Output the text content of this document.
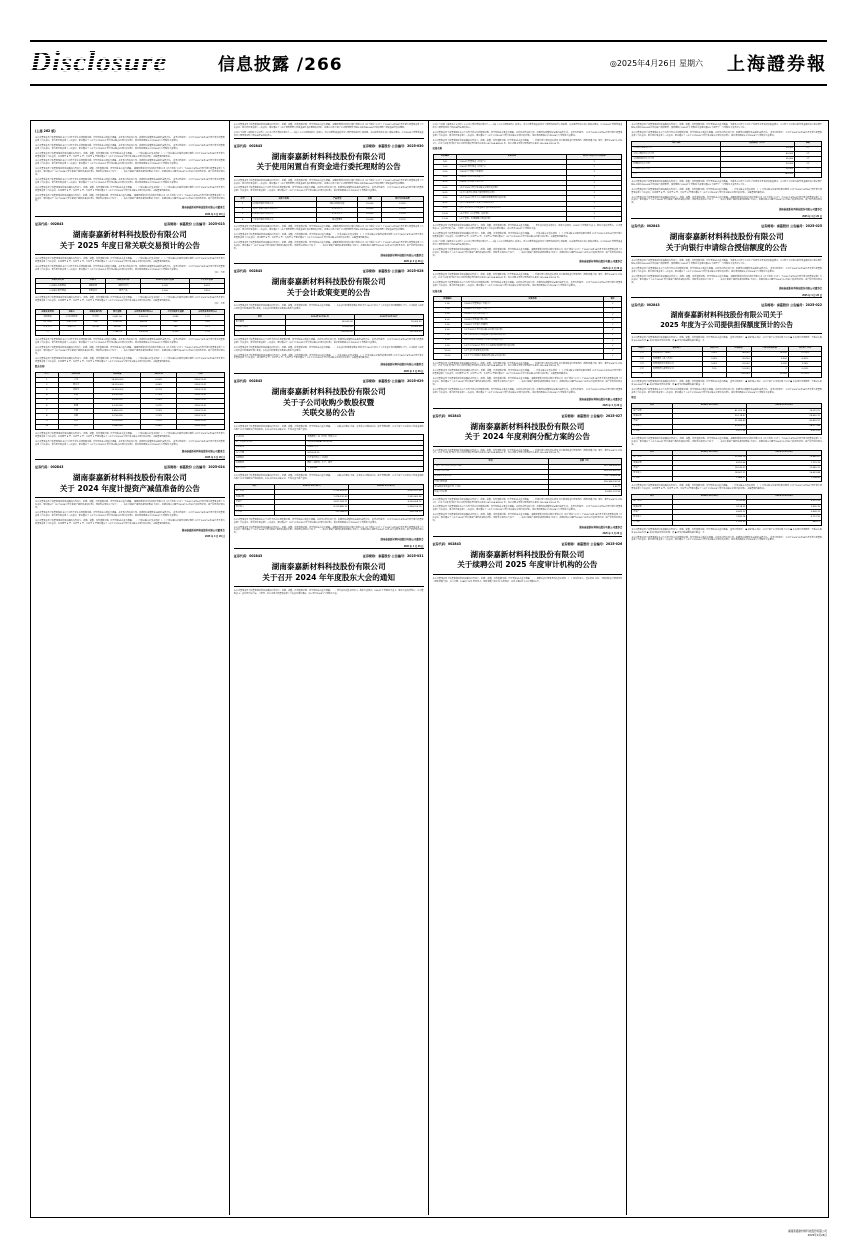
Disclosure	信息披露 /266	◎2025年4月26日 星期六 上海證券報
(上接 262 版)
本公司董事会及全体董事保证本公告内容不存在任何虚假记载、误导性陈述或者重大遗漏，并对其内容的真实性、准确性和完整性依法承担法律责任。 重要内容提示： 公司于2025年4月24日召开第五届董事会第十六次会议、第五届监事会第十二次会议，审议通过了《关于公司2025年度日常关联交易预计的议案》，该议案尚需提交公司2024年年度股东大会审议。
本公司董事会及全体董事保证本公告内容不存在任何虚假记载、误导性陈述或者重大遗漏，并对其内容的真实性、准确性和完整性依法承担法律责任。 重要内容提示： 公司于2025年4月24日召开第五届董事会第十六次会议、第五届监事会第十二次会议，审议通过了《关于公司2025年度日常关联交易预计的议案》，该议案尚需提交公司2024年年度股东大会审议。
本公司董事会及全体董事保证信息披露的内容真实、准确、完整，没有虚假记载、误导性陈述或重大遗漏。 一、日常关联交易基本情况 （一）日常关联交易履行的审议程序 公司于2025年4月24日召开第五届董事会第十六次会议，以同意票 8 票、反对票 0 票、弃权票 0 票审议通过了《关于公司2025年度日常关联交易预计的议案》，关联董事回避表决。
本公司董事会及全体董事保证本公告内容不存在任何虚假记载、误导性陈述或者重大遗漏，并对其内容的真实性、准确性和完整性依法承担法律责任。 重要内容提示： 公司于2025年4月24日召开第五届董事会第十六次会议、第五届监事会第十二次会议，审议通过了《关于公司2025年度日常关联交易预计的议案》，该议案尚需提交公司2024年年度股东大会审议。
本公司董事会及全体董事保证信息披露的内容真实、准确、完整，没有虚假记载、误导性陈述或重大遗漏。 湖南泰嘉新材料科技股份有限公司（以下简称“公司”）于2025年4月24日召开第五届董事会第十六次会议，审议通过了《关于2024年度计提资产减值准备的议案》，现将有关情况公告如下： 一、本次计提资产减值准备情况概述 为真实、准确反映公司截至2024年12月31日的财务状况、资产价值及经营成果。
本公司董事会及全体董事保证本公告内容不存在任何虚假记载、误导性陈述或者重大遗漏，并对其内容的真实性、准确性和完整性依法承担法律责任。 重要内容提示： 公司于2025年4月24日召开第五届董事会第十六次会议、第五届监事会第十二次会议，审议通过了《关于公司2025年度日常关联交易预计的议案》，该议案尚需提交公司2024年年度股东大会审议。
本公司董事会及全体董事保证信息披露的内容真实、准确、完整，没有虚假记载、误导性陈述或重大遗漏。 一、日常关联交易基本情况 （一）日常关联交易履行的审议程序 公司于2025年4月24日召开第五届董事会第十六次会议，以同意票 8 票、反对票 0 票、弃权票 0 票审议通过了《关于公司2025年度日常关联交易预计的议案》，关联董事回避表决。
本公司董事会及全体董事保证信息披露的内容真实、准确、完整，没有虚假记载、误导性陈述或重大遗漏。 湖南泰嘉新材料科技股份有限公司（以下简称“公司”）于2025年4月24日召开第五届董事会第十六次会议，审议通过了《关于2024年度计提资产减值准备的议案》，现将有关情况公告如下： 一、本次计提资产减值准备情况概述 为真实、准确反映公司截至2024年12月31日的财务状况、资产价值及经营成果。
湖南泰嘉新材料科技股份有限公司董事会
2025 年 4 月 26 日
证券代码：002843	证券简称：泰嘉股份 公告编号：2025-023
湖南泰嘉新材料科技股份有限公司
关于 2025 年度日常关联交易预计的公告
本公司董事会及全体董事保证信息披露的内容真实、准确、完整，没有虚假记载、误导性陈述或重大遗漏。 一、日常关联交易基本情况 （一）日常关联交易履行的审议程序 公司于2025年4月24日召开第五届董事会第十六次会议，以同意票 8 票、反对票 0 票、弃权票 0 票审议通过了《关于公司2025年度日常关联交易预计的议案》，关联董事回避表决。
本公司董事会及全体董事保证本公告内容不存在任何虚假记载、误导性陈述或者重大遗漏，并对其内容的真实性、准确性和完整性依法承担法律责任。 重要内容提示： 公司于2025年4月24日召开第五届董事会第十六次会议、第五届监事会第十二次会议，审议通过了《关于公司2025年度日常关联交易预计的议案》，该议案尚需提交公司2024年年度股东大会审议。
单位：万元
关联交易类别	关联人	关联交易内容	2025年度预计金额	上年发生金额
向关联人采购商品	湖南泰嘉	采购原材料	5,000	3,614
向关联人销售商品	泰嘉新材	销售产品	3,000	1,874
本公司董事会及全体董事保证信息披露的内容真实、准确、完整，没有虚假记载、误导性陈述或重大遗漏。 一、日常关联交易基本情况 （一）日常关联交易履行的审议程序 公司于2025年4月24日召开第五届董事会第十六次会议，以同意票 8 票、反对票 0 票、弃权票 0 票审议通过了《关于公司2025年度日常关联交易预计的议案》，关联董事回避表决。
单位：万元
关联交易类别	关联人	关联交易内容	预计金额	占同类业务比例(%)	上年实际发生金额	占同类业务比例(%)
采购商品	公司控股股东	原材料	5,851.56	2,350.00	3,085	1.22
销售商品	关联自然人	成品	1,200.00	560.00	820	0.45
接受劳务	关联公司	服务费	300.00	120.00	195	0.11
合计			7,746.78	3,030.00	4,100	1.78
本公司董事会及全体董事保证本公告内容不存在任何虚假记载、误导性陈述或者重大遗漏，并对其内容的真实性、准确性和完整性依法承担法律责任。 重要内容提示： 公司于2025年4月24日召开第五届董事会第十六次会议、第五届监事会第十二次会议，审议通过了《关于公司2025年度日常关联交易预计的议案》，该议案尚需提交公司2024年年度股东大会审议。
本公司董事会及全体董事保证信息披露的内容真实、准确、完整，没有虚假记载、误导性陈述或重大遗漏。 湖南泰嘉新材料科技股份有限公司（以下简称“公司”）于2025年4月24日召开第五届董事会第十六次会议，审议通过了《关于2024年度计提资产减值准备的议案》，现将有关情况公告如下： 一、本次计提资产减值准备情况概述 为真实、准确反映公司截至2024年12月31日的财务状况、资产价值及经营成果。
本公司董事会及全体董事保证信息披露的内容真实、准确、完整，没有虚假记载、误导性陈述或重大遗漏。 一、日常关联交易基本情况 （一）日常关联交易履行的审议程序 公司于2025年4月24日召开第五届董事会第十六次会议，以同意票 8 票、反对票 0 票、弃权票 0 票审议通过了《关于公司2025年度日常关联交易预计的议案》，关联董事回避表决。
股东名称
序号	股东名称	持股数量	持股比例	日期
1	方众	18,530,000	6.05%	2024-12-31
2	谭伟光	14,210,000	4.64%	2024-12-31
3	刘国华	10,020,000	3.27%	2024-12-31
4	张丽	8,550,000	2.79%	2024-12-31
5	王明	6,300,000	2.06%	2024-12-31
6	陈晓	5,120,000	1.67%	2024-12-31
7	李强	4,860,000	1.59%	2024-12-31
8	赵敏	3,750,000	1.22%	2024-12-31
9	孙涛	3,100,000	1.01%	2024-12-31
10	周平	2,940,000	0.96%	2024-12-31
本公司董事会及全体董事保证信息披露的内容真实、准确、完整，没有虚假记载、误导性陈述或重大遗漏。 一、日常关联交易基本情况 （一）日常关联交易履行的审议程序 公司于2025年4月24日召开第五届董事会第十六次会议，以同意票 8 票、反对票 0 票、弃权票 0 票审议通过了《关于公司2025年度日常关联交易预计的议案》，关联董事回避表决。
本公司董事会及全体董事保证本公告内容不存在任何虚假记载、误导性陈述或者重大遗漏，并对其内容的真实性、准确性和完整性依法承担法律责任。 重要内容提示： 公司于2025年4月24日召开第五届董事会第十六次会议、第五届监事会第十二次会议，审议通过了《关于公司2025年度日常关联交易预计的议案》，该议案尚需提交公司2024年年度股东大会审议。
湖南泰嘉新材料科技股份有限公司董事会
2025 年 4 月 26 日
证券代码：002843	证券简称：泰嘉股份 公告编号：2025-024
湖南泰嘉新材料科技股份有限公司
关于 2024 年度计提资产减值准备的公告
本公司董事会及全体董事保证信息披露的内容真实、准确、完整，没有虚假记载、误导性陈述或重大遗漏。 湖南泰嘉新材料科技股份有限公司（以下简称“公司”）于2025年4月24日召开第五届董事会第十六次会议，审议通过了《关于2024年度计提资产减值准备的议案》，现将有关情况公告如下： 一、本次计提资产减值准备情况概述 为真实、准确反映公司截至2024年12月31日的财务状况、资产价值及经营成果。
本公司董事会及全体董事保证本公告内容不存在任何虚假记载、误导性陈述或者重大遗漏，并对其内容的真实性、准确性和完整性依法承担法律责任。 重要内容提示： 公司于2025年4月24日召开第五届董事会第十六次会议、第五届监事会第十二次会议，审议通过了《关于公司2025年度日常关联交易预计的议案》，该议案尚需提交公司2024年年度股东大会审议。
本公司董事会及全体董事保证信息披露的内容真实、准确、完整，没有虚假记载、误导性陈述或重大遗漏。 一、日常关联交易基本情况 （一）日常关联交易履行的审议程序 公司于2025年4月24日召开第五届董事会第十六次会议，以同意票 8 票、反对票 0 票、弃权票 0 票审议通过了《关于公司2025年度日常关联交易预计的议案》，关联董事回避表决。
湖南泰嘉新材料科技股份有限公司董事会
2025 年 4 月 26 日
本公司董事会及全体董事保证信息披露的内容真实、准确、完整，没有虚假记载、误导性陈述或重大遗漏。 湖南泰嘉新材料科技股份有限公司（以下简称“公司”）于2025年4月24日召开第五届董事会第十六次会议、第五届监事会第十二次会议，审议通过了《关于使用闲置自有资金进行委托理财的议案》，同意公司及全资子公司使用额度不超过人民币40,000万元的闲置自有资金进行委托理财。
公司应当按照《深圳证券交易所上市公司自律监管指引第1号——主板上市公司规范运作》的规定，对公司募集资金的存放与使用情况进行专项说明，并由保荐机构出具专项核查意见。公司2024年度募集资金存放与使用情况符合相关法律法规的规定。
证券代码：002843	证券简称：泰嘉股份 公告编号：2025-030
湖南泰嘉新材料科技股份有限公司
关于使用闲置自有资金进行委托理财的公告
本公司董事会及全体董事保证信息披露的内容真实、准确、完整，没有虚假记载、误导性陈述或重大遗漏。 湖南泰嘉新材料科技股份有限公司（以下简称“公司”）于2025年4月24日召开第五届董事会第十六次会议、第五届监事会第十二次会议，审议通过了《关于使用闲置自有资金进行委托理财的议案》，同意公司及全资子公司使用额度不超过人民币40,000万元的闲置自有资金进行委托理财。
本公司董事会及全体董事保证本公告内容不存在任何虚假记载、误导性陈述或者重大遗漏，并对其内容的真实性、准确性和完整性依法承担法律责任。 重要内容提示： 公司于2025年4月24日召开第五届董事会第十六次会议、第五届监事会第十二次会议，审议通过了《关于公司2025年度日常关联交易预计的议案》，该议案尚需提交公司2024年年度股东大会审议。
序号	受托方名称	产品类型	金额	预计年化收益率
1	中国银行股份有限公司	保本浮动收益型	10,000	2.30%
2	中国工商银行股份有限公司	结构性存款	10,000	2.15%
3	招商银行股份有限公司	结构性存款	10,000	2.25%
4	兴业银行股份有限公司	保本型理财	10,000	2.10%
本公司董事会及全体董事保证信息披露的内容真实、准确、完整，没有虚假记载、误导性陈述或重大遗漏。 湖南泰嘉新材料科技股份有限公司（以下简称“公司”）于2025年4月24日召开第五届董事会第十六次会议、第五届监事会第十二次会议，审议通过了《关于使用闲置自有资金进行委托理财的议案》，同意公司及全资子公司使用额度不超过人民币40,000万元的闲置自有资金进行委托理财。
本公司董事会及全体董事保证信息披露的内容真实、准确、完整，没有虚假记载、误导性陈述或重大遗漏。 一、日常关联交易基本情况 （一）日常关联交易履行的审议程序 公司于2025年4月24日召开第五届董事会第十六次会议，以同意票 8 票、反对票 0 票、弃权票 0 票审议通过了《关于公司2025年度日常关联交易预计的议案》，关联董事回避表决。
本公司董事会及全体董事保证信息披露的内容真实、准确、完整，没有虚假记载、误导性陈述或重大遗漏。 湖南泰嘉新材料科技股份有限公司（以下简称“公司”）于2025年4月24日召开第五届董事会第十六次会议，审议通过了《关于2024年度计提资产减值准备的议案》，现将有关情况公告如下： 一、本次计提资产减值准备情况概述 为真实、准确反映公司截至2024年12月31日的财务状况、资产价值及经营成果。
湖南泰嘉新材料科技股份有限公司董事会
2025 年 4 月 26 日
证券代码：002843	证券简称：泰嘉股份 公告编号：2025-028
湖南泰嘉新材料科技股份有限公司
关于会计政策变更的公告
本公司董事会及全体董事保证信息披露的内容真实、准确、完整，没有虚假记载、误导性陈述或重大遗漏。 一、本次会计政策变更概述 财政部于2023年发布了《企业会计准则解释第17号》，公司根据上述规定对原会计政策进行相应变更。本次会计政策变更无需提交股东大会审议。
项目	2024年12月31日	2023年12月31日
审计费用	80,000.00	76,000.00
内控审计费用	25,000.00	25,000.00
合计	105,000.00	101,000.00
本公司董事会及全体董事保证本公告内容不存在任何虚假记载、误导性陈述或者重大遗漏，并对其内容的真实性、准确性和完整性依法承担法律责任。 重要内容提示： 公司于2025年4月24日召开第五届董事会第十六次会议、第五届监事会第十二次会议，审议通过了《关于公司2025年度日常关联交易预计的议案》，该议案尚需提交公司2024年年度股东大会审议。
本公司董事会及全体董事保证信息披露的内容真实、准确、完整，没有虚假记载、误导性陈述或重大遗漏。 一、本次会计政策变更概述 财政部于2023年发布了《企业会计准则解释第17号》，公司根据上述规定对原会计政策进行相应变更。本次会计政策变更无需提交股东大会审议。
本公司董事会及全体董事保证信息披露的内容真实、准确、完整，没有虚假记载、误导性陈述或重大遗漏。 一、日常关联交易基本情况 （一）日常关联交易履行的审议程序 公司于2025年4月24日召开第五届董事会第十六次会议，以同意票 8 票、反对票 0 票、弃权票 0 票审议通过了《关于公司2025年度日常关联交易预计的议案》，关联董事回避表决。
湖南泰嘉新材料科技股份有限公司董事会
2025 年 4 月 26 日
证券代码：002843	证券简称：泰嘉股份 公告编号：2025-029
湖南泰嘉新材料科技股份有限公司
关于子公司收购少数股权暨
关联交易的公告
本公司董事会及全体董事保证信息披露的内容真实、准确、完整，没有虚假记载、误导性陈述或重大遗漏。 一、关联交易概述 为进一步优化公司股权结构，提升管理效率，公司全资子公司拟以自有资金收购控股子公司少数股东持有的股权。本次交易构成关联交易，不构成重大资产重组。
公司名称	泰嘉精密工具（苏州）有限公司
统一社会信用代码	91320594MA1XXXXXXX
注册资本	5,000 万元
成立日期	2018-06-15
注册地址	江苏省苏州市工业园区
经营范围	精密工具研发、生产、销售
法定代表人	方 junnan
本公司董事会及全体董事保证信息披露的内容真实、准确、完整，没有虚假记载、误导性陈述或重大遗漏。 一、关联交易概述 为进一步优化公司股权结构，提升管理效率，公司全资子公司拟以自有资金收购控股子公司少数股东持有的股权。本次交易构成关联交易，不构成重大资产重组。
项目	2023年12月31日	2024年12月31日
资产总额	5,195,489.61	6,552,411.08
负债总额	1,378,220.40	2,301,802.36
净资产	3,817,269.21	4,250,608.72
营业收入	4,122,880.33	5,338,106.14
净利润	312,088.00	536,338.00
本公司董事会及全体董事保证本公告内容不存在任何虚假记载、误导性陈述或者重大遗漏，并对其内容的真实性、准确性和完整性依法承担法律责任。 重要内容提示： 公司于2025年4月24日召开第五届董事会第十六次会议、第五届监事会第十二次会议，审议通过了《关于公司2025年度日常关联交易预计的议案》，该议案尚需提交公司2024年年度股东大会审议。
本公司董事会及全体董事保证信息披露的内容真实、准确、完整，没有虚假记载、误导性陈述或重大遗漏。 湖南泰嘉新材料科技股份有限公司（以下简称“公司”）于2025年4月24日召开第五届董事会第十六次会议，审议通过了《关于2024年度计提资产减值准备的议案》，现将有关情况公告如下： 一、本次计提资产减值准备情况概述 为真实、准确反映公司截至2024年12月31日的财务状况、资产价值及经营成果。
湖南泰嘉新材料科技股份有限公司董事会
2025 年 4 月 26 日
证券代码：002843	证券简称：泰嘉股份 公告编号：2025-031
湖南泰嘉新材料科技股份有限公司
关于召开 2024 年年度股东大会的通知
本公司董事会及全体董事保证信息披露的内容真实、准确、完整，没有虚假记载、误导性陈述或重大遗漏。 一、召开会议的基本情况 1、股东大会届次：2024年年度股东大会 2、股东大会的召集人：公司董事会 3、会议召开的合法、合规性：经公司第五届董事会第十六次会议审议通过，决定召开2024年年度股东大会。
公司应当按照《深圳证券交易所上市公司自律监管指引第1号——主板上市公司规范运作》的规定，对公司募集资金的存放与使用情况进行专项说明，并由保荐机构出具专项核查意见。公司2024年度募集资金存放与使用情况符合相关法律法规的规定。
本公司董事会及全体董事保证本公告内容不存在任何虚假记载、误导性陈述或者重大遗漏，并对其内容的真实性、准确性和完整性依法承担法律责任。 重要内容提示： 公司于2025年4月24日召开第五届董事会第十六次会议、第五届监事会第十二次会议，审议通过了《关于公司2025年度日常关联交易预计的议案》，该议案尚需提交公司2024年年度股东大会审议。
本公司董事会及全体董事保证信息披露的内容真实、准确、完整，没有虚假记载、误导性陈述或重大遗漏。 一、利润分配方案的基本情况 经天职国际会计师事务所（特殊普通合伙）审计，截至2024年12月31日，公司合并报表归属于母公司所有者的净利润为人民币 267,168,838.62 元，母公司期末可供分配利润为人民币 205,366,130.55 元。
议案名称
议案编码	议案名称	该列打勾的栏目可以投票
100	《2024年度董事会工作报告》	√
1.00	《2024年度监事会工作报告》	√
2.00	《2024年年度报告及摘要》	√
3.00	《2024年度财务决算报告》	√
4.00	《2024年度利润分配方案》	√
5.00	《关于2025年度日常关联交易预计的议案》	√
6.00	《关于向银行申请综合授信额度的议案》	√
7.00	《关于2025年度为子公司提供担保额度预计的议案》	√
8.00	《关于续聘2025年度审计机构的议案》	√
9.00	《关于使用闲置自有资金进行委托理财的议案》	√
10.00	《关于修订〈公司章程〉的议案》	√
11.00	《关于董事、监事薪酬方案的议案》	√
本公司董事会及全体董事保证信息披露的内容真实、准确、完整，没有虚假记载、误导性陈述或重大遗漏。 一、召开会议的基本情况 1、股东大会届次：2024年年度股东大会 2、股东大会的召集人：公司董事会 3、会议召开的合法、合规性：经公司第五届董事会第十六次会议审议通过，决定召开2024年年度股东大会。
本公司董事会及全体董事保证信息披露的内容真实、准确、完整，没有虚假记载、误导性陈述或重大遗漏。 一、日常关联交易基本情况 （一）日常关联交易履行的审议程序 公司于2025年4月24日召开第五届董事会第十六次会议，以同意票 8 票、反对票 0 票、弃权票 0 票审议通过了《关于公司2025年度日常关联交易预计的议案》，关联董事回避表决。
公司应当按照《深圳证券交易所上市公司自律监管指引第1号——主板上市公司规范运作》的规定，对公司募集资金的存放与使用情况进行专项说明，并由保荐机构出具专项核查意见。公司2024年度募集资金存放与使用情况符合相关法律法规的规定。
本公司董事会及全体董事保证信息披露的内容真实、准确、完整，没有虚假记载、误导性陈述或重大遗漏。 湖南泰嘉新材料科技股份有限公司（以下简称“公司”）于2025年4月24日召开第五届董事会第十六次会议，审议通过了《关于2024年度计提资产减值准备的议案》，现将有关情况公告如下： 一、本次计提资产减值准备情况概述 为真实、准确反映公司截至2024年12月31日的财务状况、资产价值及经营成果。
湖南泰嘉新材料科技股份有限公司董事会
2025 年 4 月 26 日
本公司董事会及全体董事保证信息披露的内容真实、准确、完整，没有虚假记载、误导性陈述或重大遗漏。 一、利润分配方案的基本情况 经天职国际会计师事务所（特殊普通合伙）审计，截至2024年12月31日，公司合并报表归属于母公司所有者的净利润为人民币 267,168,838.62 元，母公司期末可供分配利润为人民币 205,366,130.55 元。
本公司董事会及全体董事保证本公告内容不存在任何虚假记载、误导性陈述或者重大遗漏，并对其内容的真实性、准确性和完整性依法承担法律责任。 重要内容提示： 公司于2025年4月24日召开第五届董事会第十六次会议、第五届监事会第十二次会议，审议通过了《关于公司2025年度日常关联交易预计的议案》，该议案尚需提交公司2024年年度股东大会审议。
议案名称
议案编码	议案名称	备注
1.00	《2024年度董事会工作报告》	√
2.00	《2024年度监事会工作报告》	√
3.00	《2024年度财务决算报告》	√
4.00	《2024年度利润分配方案》	√
5.00	《2024年年度报告及摘要》	√
6.00	《关于2025年度日常关联交易预计的议案》	√
7.00	《关于使用闲置自有资金进行委托理财的议案》	√
8.00	《关于续聘公司2025年度审计机构的议案》	√
9.00	《关于公司2025年度为子公司提供担保额度预计的议案》	√
10.00	《关于会计政策变更的议案》	√
11.00	《关于子公司收购少数股权暨关联交易的议案》	√
本公司董事会及全体董事保证信息披露的内容真实、准确、完整，没有虚假记载、误导性陈述或重大遗漏。 一、利润分配方案的基本情况 经天职国际会计师事务所（特殊普通合伙）审计，截至2024年12月31日，公司合并报表归属于母公司所有者的净利润为人民币 267,168,838.62 元，母公司期末可供分配利润为人民币 205,366,130.55 元。
本公司董事会及全体董事保证信息披露的内容真实、准确、完整，没有虚假记载、误导性陈述或重大遗漏。 一、日常关联交易基本情况 （一）日常关联交易履行的审议程序 公司于2025年4月24日召开第五届董事会第十六次会议，以同意票 8 票、反对票 0 票、弃权票 0 票审议通过了《关于公司2025年度日常关联交易预计的议案》，关联董事回避表决。
本公司董事会及全体董事保证信息披露的内容真实、准确、完整，没有虚假记载、误导性陈述或重大遗漏。 湖南泰嘉新材料科技股份有限公司（以下简称“公司”）于2025年4月24日召开第五届董事会第十六次会议，审议通过了《关于2024年度计提资产减值准备的议案》，现将有关情况公告如下： 一、本次计提资产减值准备情况概述 为真实、准确反映公司截至2024年12月31日的财务状况、资产价值及经营成果。
本公司董事会及全体董事保证本公告内容不存在任何虚假记载、误导性陈述或者重大遗漏，并对其内容的真实性、准确性和完整性依法承担法律责任。 重要内容提示： 公司于2025年4月24日召开第五届董事会第十六次会议、第五届监事会第十二次会议，审议通过了《关于公司2025年度日常关联交易预计的议案》，该议案尚需提交公司2024年年度股东大会审议。
湖南泰嘉新材料科技股份有限公司董事会
2025 年 4 月 26 日
证券代码：002843	证券简称：泰嘉股份 公告编号：2025-027
湖南泰嘉新材料科技股份有限公司
关于 2024 年度利润分配方案的公告
本公司董事会及全体董事保证信息披露的内容真实、准确、完整，没有虚假记载、误导性陈述或重大遗漏。 一、利润分配方案的基本情况 经天职国际会计师事务所（特殊普通合伙）审计，截至2024年12月31日，公司合并报表归属于母公司所有者的净利润为人民币 267,168,838.62 元，母公司期末可供分配利润为人民币 205,366,130.55 元。
项目	金额（元）
归属于母公司所有者的净利润	267,168,838.62
年初未分配利润	536,205,430.62
提取法定盈余公积	-26,716,883.86
可供分配利润	205,366,130.55
每10股派发现金红利（含税）	3.00 元
现金分红总额	91,801,701.90
本公司董事会及全体董事保证信息披露的内容真实、准确、完整，没有虚假记载、误导性陈述或重大遗漏。 一、利润分配方案的基本情况 经天职国际会计师事务所（特殊普通合伙）审计，截至2024年12月31日，公司合并报表归属于母公司所有者的净利润为人民币 267,168,838.62 元，母公司期末可供分配利润为人民币 205,366,130.55 元。
本公司董事会及全体董事保证本公告内容不存在任何虚假记载、误导性陈述或者重大遗漏，并对其内容的真实性、准确性和完整性依法承担法律责任。 重要内容提示： 公司于2025年4月24日召开第五届董事会第十六次会议、第五届监事会第十二次会议，审议通过了《关于公司2025年度日常关联交易预计的议案》，该议案尚需提交公司2024年年度股东大会审议。
本公司董事会及全体董事保证信息披露的内容真实、准确、完整，没有虚假记载、误导性陈述或重大遗漏。 湖南泰嘉新材料科技股份有限公司（以下简称“公司”）于2025年4月24日召开第五届董事会第十六次会议，审议通过了《关于2024年度计提资产减值准备的议案》，现将有关情况公告如下： 一、本次计提资产减值准备情况概述 为真实、准确反映公司截至2024年12月31日的财务状况、资产价值及经营成果。
湖南泰嘉新材料科技股份有限公司董事会
2025 年 4 月 26 日
证券代码：002843	证券简称：泰嘉股份 公告编号：2025-026
湖南泰嘉新材料科技股份有限公司
关于续聘公司 2025 年度审计机构的公告
本公司董事会及全体董事保证信息披露的内容真实、准确、完整，没有虚假记载、误导性陈述或重大遗漏。 一、拟聘任会计师事务所的基本情况 （一）机构信息 1、基本信息 名称：天职国际会计师事务所（特殊普通合伙） 成立日期：1988年12月 组织形式：特殊普通合伙企业 注册地址：北京市海淀区车公庄西路19号。
本公司董事会及全体董事保证信息披露的内容真实、准确、完整，没有虚假记载、误导性陈述或重大遗漏。 为满足公司及子公司生产经营及业务发展的资金需求，公司及子公司拟向银行等金融机构申请总额不超过人民币200,000万元的综合授信额度，授信期限自2024年年度股东大会审议通过之日起至下一年度股东大会召开之日止。
本公司董事会及全体董事保证本公告内容不存在任何虚假记载、误导性陈述或者重大遗漏，并对其内容的真实性、准确性和完整性依法承担法律责任。 重要内容提示： 公司于2025年4月24日召开第五届董事会第十六次会议、第五届监事会第十二次会议，审议通过了《关于公司2025年度日常关联交易预计的议案》，该议案尚需提交公司2024年年度股东大会审议。
银行名称	授信额度（万元）	期限
中国银行湖南省分行	50,000	1年
中国工商银行长沙分行	40,000	1年
中国建设银行长沙分行	35,000	1年
招商银行长沙分行	30,000	1年
兴业银行长沙分行	25,000	1年
合计	180,000	
本公司董事会及全体董事保证信息披露的内容真实、准确、完整，没有虚假记载、误导性陈述或重大遗漏。 为满足公司及子公司生产经营及业务发展的资金需求，公司及子公司拟向银行等金融机构申请总额不超过人民币200,000万元的综合授信额度，授信期限自2024年年度股东大会审议通过之日起至下一年度股东大会召开之日止。
本公司董事会及全体董事保证信息披露的内容真实、准确、完整，没有虚假记载、误导性陈述或重大遗漏。 一、日常关联交易基本情况 （一）日常关联交易履行的审议程序 公司于2025年4月24日召开第五届董事会第十六次会议，以同意票 8 票、反对票 0 票、弃权票 0 票审议通过了《关于公司2025年度日常关联交易预计的议案》，关联董事回避表决。
本公司董事会及全体董事保证信息披露的内容真实、准确、完整，没有虚假记载、误导性陈述或重大遗漏。 湖南泰嘉新材料科技股份有限公司（以下简称“公司”）于2025年4月24日召开第五届董事会第十六次会议，审议通过了《关于2024年度计提资产减值准备的议案》，现将有关情况公告如下： 一、本次计提资产减值准备情况概述 为真实、准确反映公司截至2024年12月31日的财务状况、资产价值及经营成果。
湖南泰嘉新材料科技股份有限公司董事会
2025 年 4 月 26 日
证券代码：002843	证券简称：泰嘉股份 公告编号：2025-025
湖南泰嘉新材料科技股份有限公司
关于向银行申请综合授信额度的公告
本公司董事会及全体董事保证信息披露的内容真实、准确、完整，没有虚假记载、误导性陈述或重大遗漏。 为满足公司及子公司生产经营及业务发展的资金需求，公司及子公司拟向银行等金融机构申请总额不超过人民币200,000万元的综合授信额度，授信期限自2024年年度股东大会审议通过之日起至下一年度股东大会召开之日止。
本公司董事会及全体董事保证本公告内容不存在任何虚假记载、误导性陈述或者重大遗漏，并对其内容的真实性、准确性和完整性依法承担法律责任。 重要内容提示： 公司于2025年4月24日召开第五届董事会第十六次会议、第五届监事会第十二次会议，审议通过了《关于公司2025年度日常关联交易预计的议案》，该议案尚需提交公司2024年年度股东大会审议。
本公司董事会及全体董事保证信息披露的内容真实、准确、完整，没有虚假记载、误导性陈述或重大遗漏。 湖南泰嘉新材料科技股份有限公司（以下简称“公司”）于2025年4月24日召开第五届董事会第十六次会议，审议通过了《关于2024年度计提资产减值准备的议案》，现将有关情况公告如下： 一、本次计提资产减值准备情况概述 为真实、准确反映公司截至2024年12月31日的财务状况、资产价值及经营成果。
湖南泰嘉新材料科技股份有限公司董事会
2025 年 4 月 26 日
证券代码：002843	证券简称：泰嘉股份 公告编号：2025-022
湖南泰嘉新材料科技股份有限公司关于
2025 年度为子公司提供担保额度预计的公告
本公司董事会及全体董事保证信息披露的内容真实、准确、完整，没有虚假记载、误导性陈述或重大遗漏。 重要内容提示： ● 被担保人名称：公司全资子公司及控股子公司 ● 本次预计担保额度：不超过人民币100,000万元 ● 本次担保是否有反担保：否 ● 对外担保逾期的累计数量：无
担保方	被担保方	持股比例	担保额度	已提供担保余额	占净资产比例
公司	泰嘉新材料（湖南）	100%	40,000	18,200	12.35%
公司	泰嘉精密工具（苏州）	100%	30,000	9,500	6.42%
公司	泰嘉国际贸易有限公司	100%	20,000	5,300	3.58%
公司	泰嘉智能装备有限公司	70%	10,000	0	0.00%
合计			100,000	33,000	22.35%
本公司董事会及全体董事保证信息披露的内容真实、准确、完整，没有虚假记载、误导性陈述或重大遗漏。 重要内容提示： ● 被担保人名称：公司全资子公司及控股子公司 ● 本次预计担保额度：不超过人民币100,000万元 ● 本次担保是否有反担保：否 ● 对外担保逾期的累计数量：无
本公司董事会及全体董事保证本公告内容不存在任何虚假记载、误导性陈述或者重大遗漏，并对其内容的真实性、准确性和完整性依法承担法律责任。 重要内容提示： 公司于2025年4月24日召开第五届董事会第十六次会议、第五届监事会第十二次会议，审议通过了《关于公司2025年度日常关联交易预计的议案》，该议案尚需提交公司2024年年度股东大会审议。
项目
项目	2024年12月31日	2023年12月31日
资产总额	81,205.36	74,310.22
负债总额	30,118.47	28,450.31
净资产	51,086.89	45,859.91
营业收入	63,425.10	58,077.44
净利润	5,227.38	4,613.05
本公司董事会及全体董事保证信息披露的内容真实、准确、完整，没有虚假记载、误导性陈述或重大遗漏。 湖南泰嘉新材料科技股份有限公司（以下简称“公司”）于2025年4月24日召开第五届董事会第十六次会议，审议通过了《关于2024年度计提资产减值准备的议案》，现将有关情况公告如下： 一、本次计提资产减值准备情况概述 为真实、准确反映公司截至2024年12月31日的财务状况、资产价值及经营成果。
项目	2024年12月31日	2023年12月31日
资产总额	22,560.18	19,880.47
负债总额	8,410.66	7,215.32
净资产	14,149.52	12,665.15
营业收入	18,907.21	16,433.88
净利润	1,484.37	1,208.60
本公司董事会及全体董事保证信息披露的内容真实、准确、完整，没有虚假记载、误导性陈述或重大遗漏。 一、日常关联交易基本情况 （一）日常关联交易履行的审议程序 公司于2025年4月24日召开第五届董事会第十六次会议，以同意票 8 票、反对票 0 票、弃权票 0 票审议通过了《关于公司2025年度日常关联交易预计的议案》，关联董事回避表决。
项目	2024年12月31日	2023年12月31日
资产总额	9,760.45	8,512.09
负债总额	3,118.22	2,905.76
净资产	6,642.23	5,606.33
营业收入	7,830.14	6,712.55
净利润	1,035.90	884.21
本公司董事会及全体董事保证信息披露的内容真实、准确、完整，没有虚假记载、误导性陈述或重大遗漏。 重要内容提示： ● 被担保人名称：公司全资子公司及控股子公司 ● 本次预计担保额度：不超过人民币100,000万元 ● 本次担保是否有反担保：否 ● 对外担保逾期的累计数量：无
本公司董事会及全体董事保证本公告内容不存在任何虚假记载、误导性陈述或者重大遗漏，并对其内容的真实性、准确性和完整性依法承担法律责任。 重要内容提示： 公司于2025年4月24日召开第五届董事会第十六次会议、第五届监事会第十二次会议，审议通过了《关于公司2025年度日常关联交易预计的议案》，该议案尚需提交公司2024年年度股东大会审议。
湖南泰嘉新材料科技股份有限公司
2025年4月26日
